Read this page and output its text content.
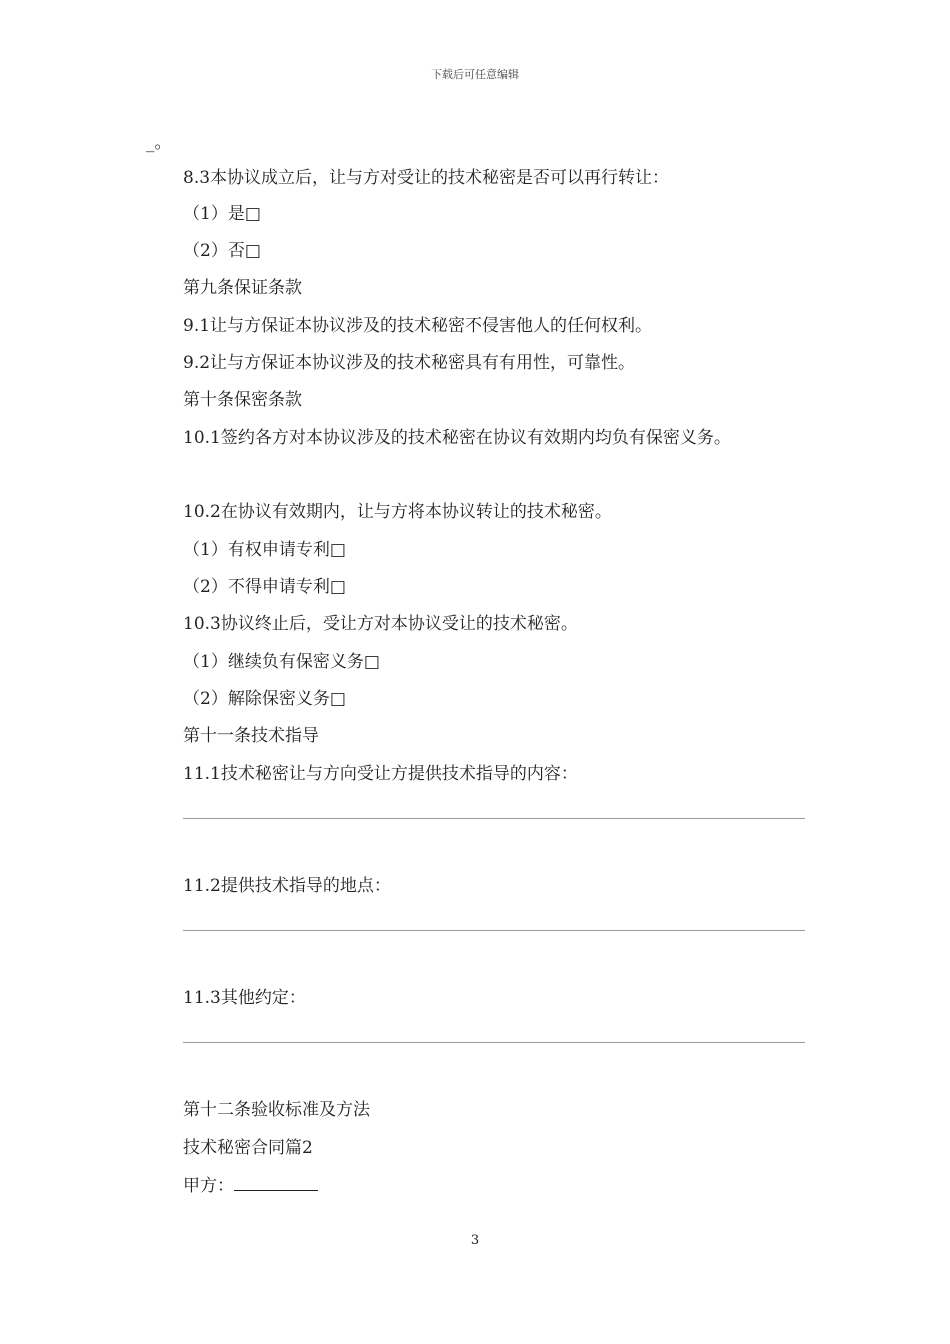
下载后可任意编辑
_。
8.3本协议成立后，让与方对受让的技术秘密是否可以再行转让：
（1）是□
（2）否□
第九条保证条款
9.1让与方保证本协议涉及的技术秘密不侵害他人的任何权利。
9.2让与方保证本协议涉及的技术秘密具有有用性，可靠性。
第十条保密条款
10.1签约各方对本协议涉及的技术秘密在协议有效期内均负有保密义务。
10.2在协议有效期内，让与方将本协议转让的技术秘密。
（1）有权申请专利□
（2）不得申请专利□
10.3协议终止后，受让方对本协议受让的技术秘密。
（1）继续负有保密义务□
（2）解除保密义务□
第十一条技术指导
11.1技术秘密让与方向受让方提供技术指导的内容：
11.2提供技术指导的地点：
11.3其他约定：
第十二条验收标准及方法
技术秘密合同篇2
甲方：
3
